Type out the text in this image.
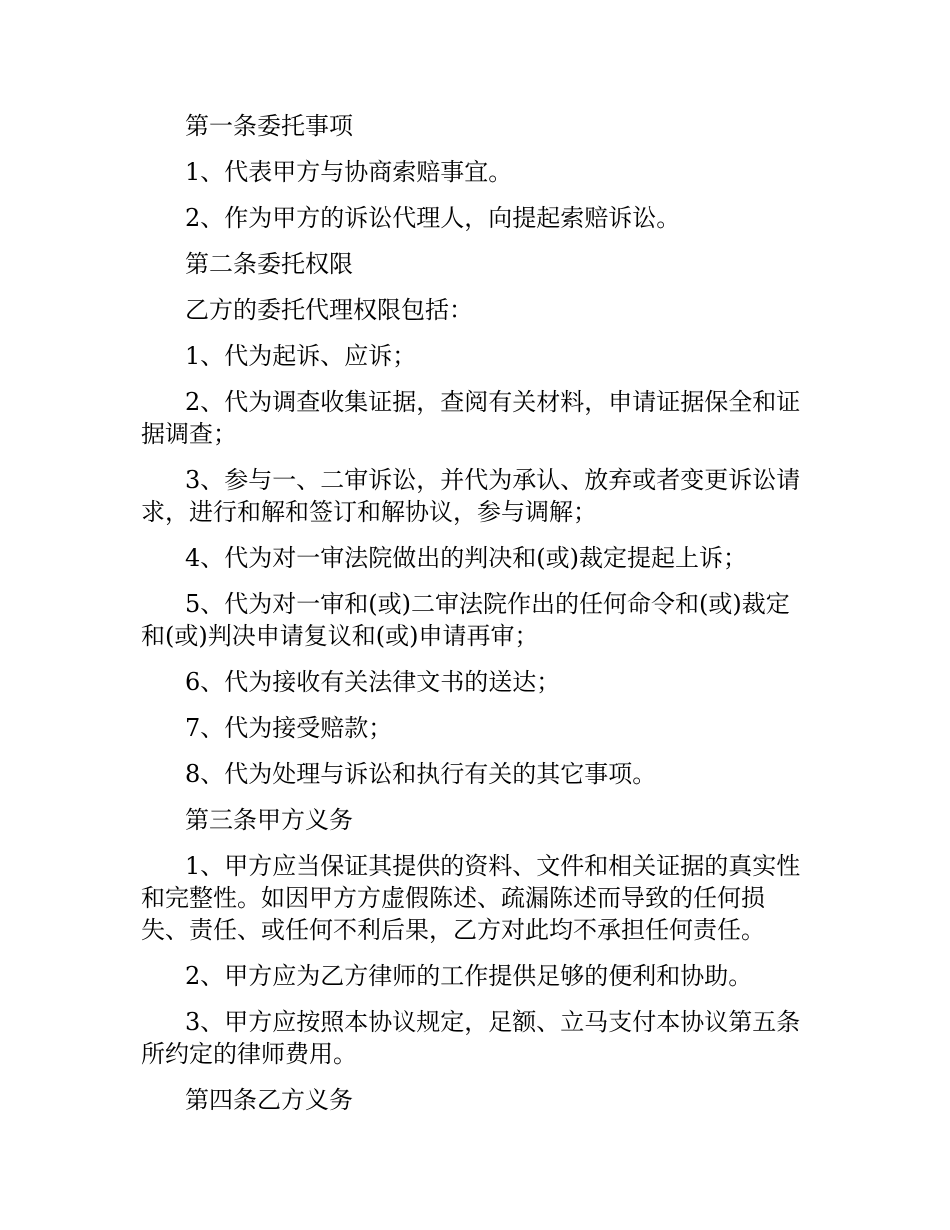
第一条委托事项

1、代表甲方与协商索赔事宜。

2、作为甲方的诉讼代理人，向提起索赔诉讼。

第二条委托权限

乙方的委托代理权限包括：

1、代为起诉、应诉；

2、代为调查收集证据，查阅有关材料，申请证据保全和证据调查；

3、参与一、二审诉讼，并代为承认、放弃或者变更诉讼请求，进行和解和签订和解协议，参与调解；

4、代为对一审法院做出的判决和(或)裁定提起上诉；

5、代为对一审和(或)二审法院作出的任何命令和(或)裁定和(或)判决申请复议和(或)申请再审；

6、代为接收有关法律文书的送达；

7、代为接受赔款；

8、代为处理与诉讼和执行有关的其它事项。

第三条甲方义务

1、甲方应当保证其提供的资料、文件和相关证据的真实性和完整性。如因甲方方虚假陈述、疏漏陈述而导致的任何损失、责任、或任何不利后果，乙方对此均不承担任何责任。

2、甲方应为乙方律师的工作提供足够的便利和协助。

3、甲方应按照本协议规定，足额、立马支付本协议第五条所约定的律师费用。

第四条乙方义务
